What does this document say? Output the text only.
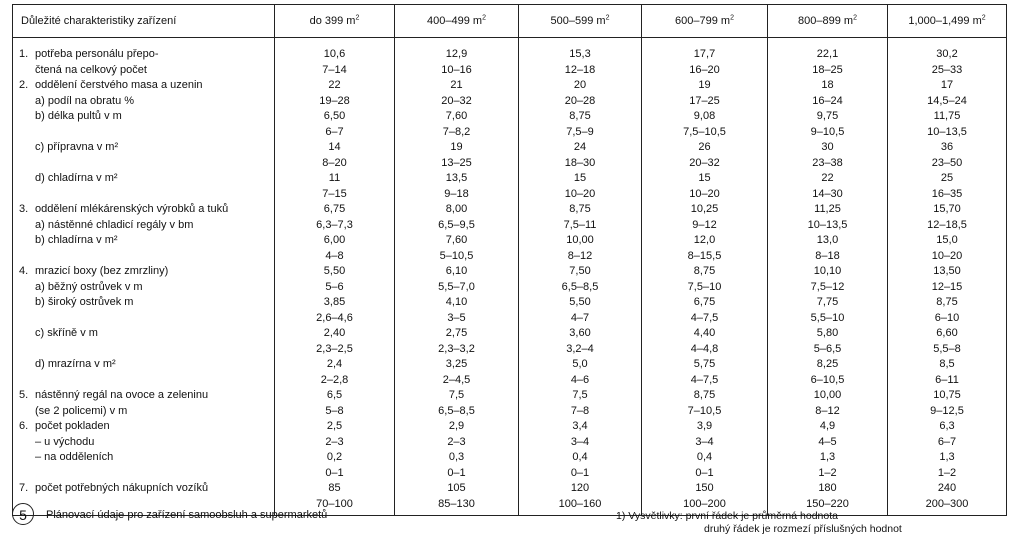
Důležité charakteristiky zařízení	do 399 $m^2$	400–499 $m^2$	500–599 $m^2$	600–799 $m^2$	800–899 $m^2$	1,000–1,499 $m^2$
1. potřeba personálu přepo-	10,6	12,9	15,3	17,7	22,1	30,2
čtená na celkový počet	7–14	10–16	12–18	16–20	18–25	25–33
2. oddělení čerstvého masa a uzenin	22	21	20	19	18	17
a) podíl na obratu %	19–28	20–32	20–28	17–25	16–24	14,5–24
b) délka pultů v m	6,50	7,60	8,75	9,08	9,75	11,75
	6–7	7–8,2	7,5–9	7,5–10,5	9–10,5	10–13,5
c) přípravna v m²	14	19	24	26	30	36
	8–20	13–25	18–30	20–32	23–38	23–50
d) chladírna v m²	11	13,5	15	15	22	25
	7–15	9–18	10–20	10–20	14–30	16–35
3. oddělení mlékárenských výrobků a tuků	6,75	8,00	8,75	10,25	11,25	15,70
a) nástěnné chladicí regály v bm	6,3–7,3	6,5–9,5	7,5–11	9–12	10–13,5	12–18,5
b) chladírna v m²	6,00	7,60	10,00	12,0	13,0	15,0
	4–8	5–10,5	8–12	8–15,5	8–18	10–20
4. mrazicí boxy (bez zmrzliny)	5,50	6,10	7,50	8,75	10,10	13,50
a) běžný ostrůvek v m	5–6	5,5–7,0	6,5–8,5	7,5–10	7,5–12	12–15
b) široký ostrůvek m	3,85	4,10	5,50	6,75	7,75	8,75
	2,6–4,6	3–5	4–7	4–7,5	5,5–10	6–10
c) skříně v m	2,40	2,75	3,60	4,40	5,80	6,60
	2,3–2,5	2,3–3,2	3,2–4	4–4,8	5–6,5	5,5–8
d) mrazírna v m²	2,4	3,25	5,0	5,75	8,25	8,5
	2–2,8	2–4,5	4–6	4–7,5	6–10,5	6–11
5. nástěnný regál na ovoce a zeleninu	6,5	7,5	7,5	8,75	10,00	10,75
(se 2 policemi) v m	5–8	6,5–8,5	7–8	7–10,5	8–12	9–12,5
6. počet pokladen	2,5	2,9	3,4	3,9	4,9	6,3
– u východu	2–3	2–3	3–4	3–4	4–5	6–7
– na odděleních	0,2	0,3	0,4	0,4	1,3	1,3
	0–1	0–1	0–1	0–1	1–2	1–2
7. počet potřebných nákupních vozíků	85	105	120	150	180	240
	70–100	85–130	100–160	100–200	150–220	200–300
5	Plánovací údaje pro zařízení samoobsluh a supermarketů	1) Vysvětlivky: první řádek je průměrná hodnota
druhý řádek je rozmezí příslušných hodnot
